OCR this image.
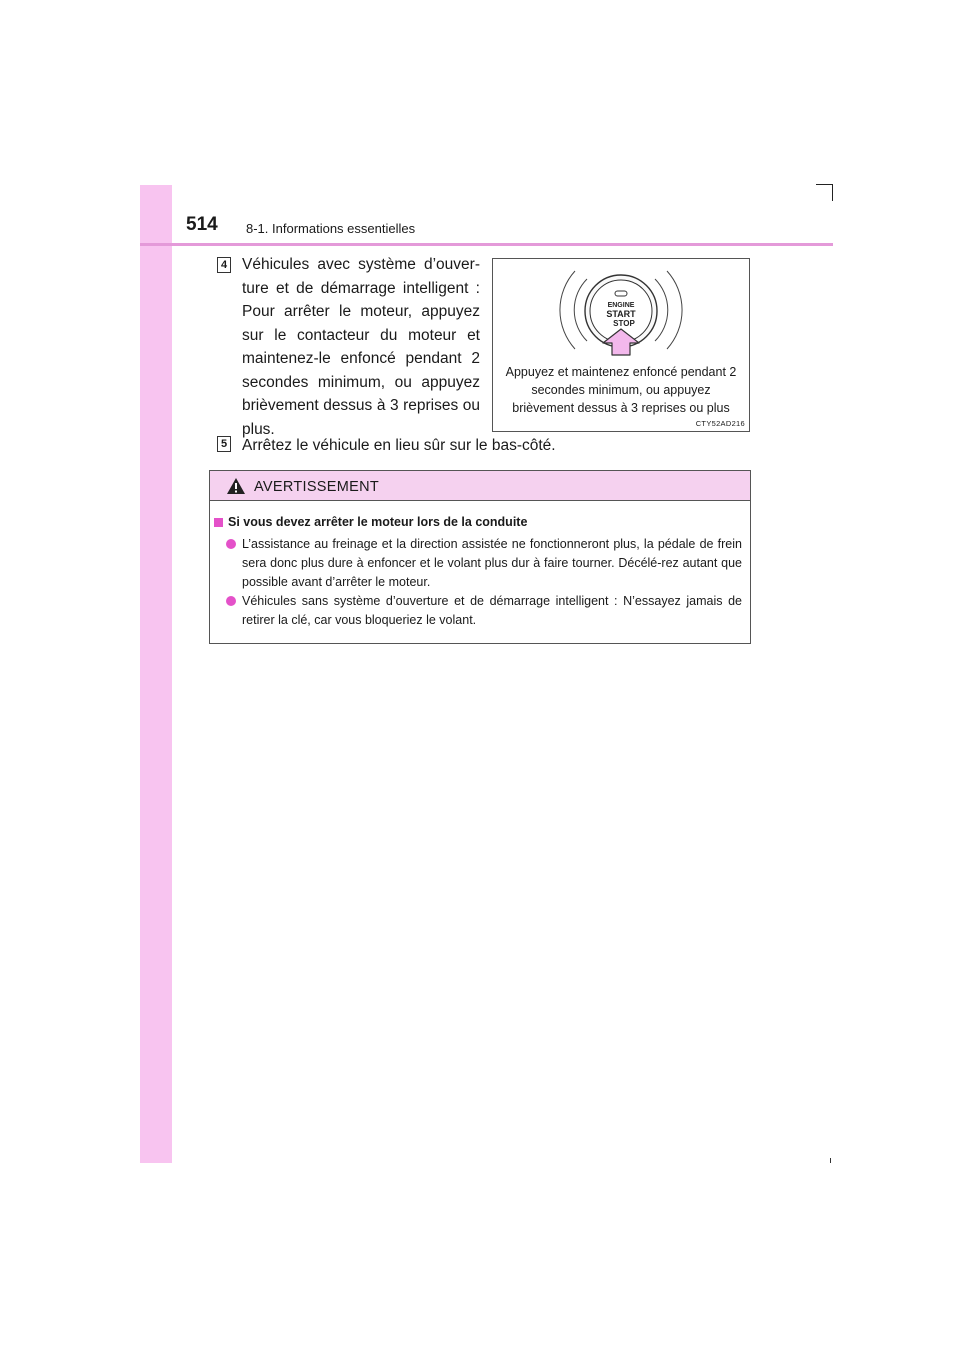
514 8-1. Informations essentielles
4 Véhicules avec système d’ouver-ture et de démarrage intelligent : Pour arrêter le moteur, appuyez sur le contacteur du moteur et maintenez-le enfoncé pendant 2 secondes minimum, ou appuyez brièvement dessus à 3 reprises ou plus.
ENGINE
START
STOP
Appuyez et maintenez enfoncé pendant 2 secondes minimum, ou appuyez brièvement dessus à 3 reprises ou plus
CTY52AD216
5 Arrêtez le véhicule en lieu sûr sur le bas-côté.
AVERTISSEMENT
Si vous devez arrêter le moteur lors de la conduite
L’assistance au freinage et la direction assistée ne fonctionneront plus, la pédale de frein sera donc plus dure à enfoncer et le volant plus dur à faire tourner. Décélé-rez autant que possible avant d’arrêter le moteur.
Véhicules sans système d’ouverture et de démarrage intelligent : N’essayez jamais de retirer la clé, car vous bloqueriez le volant.
